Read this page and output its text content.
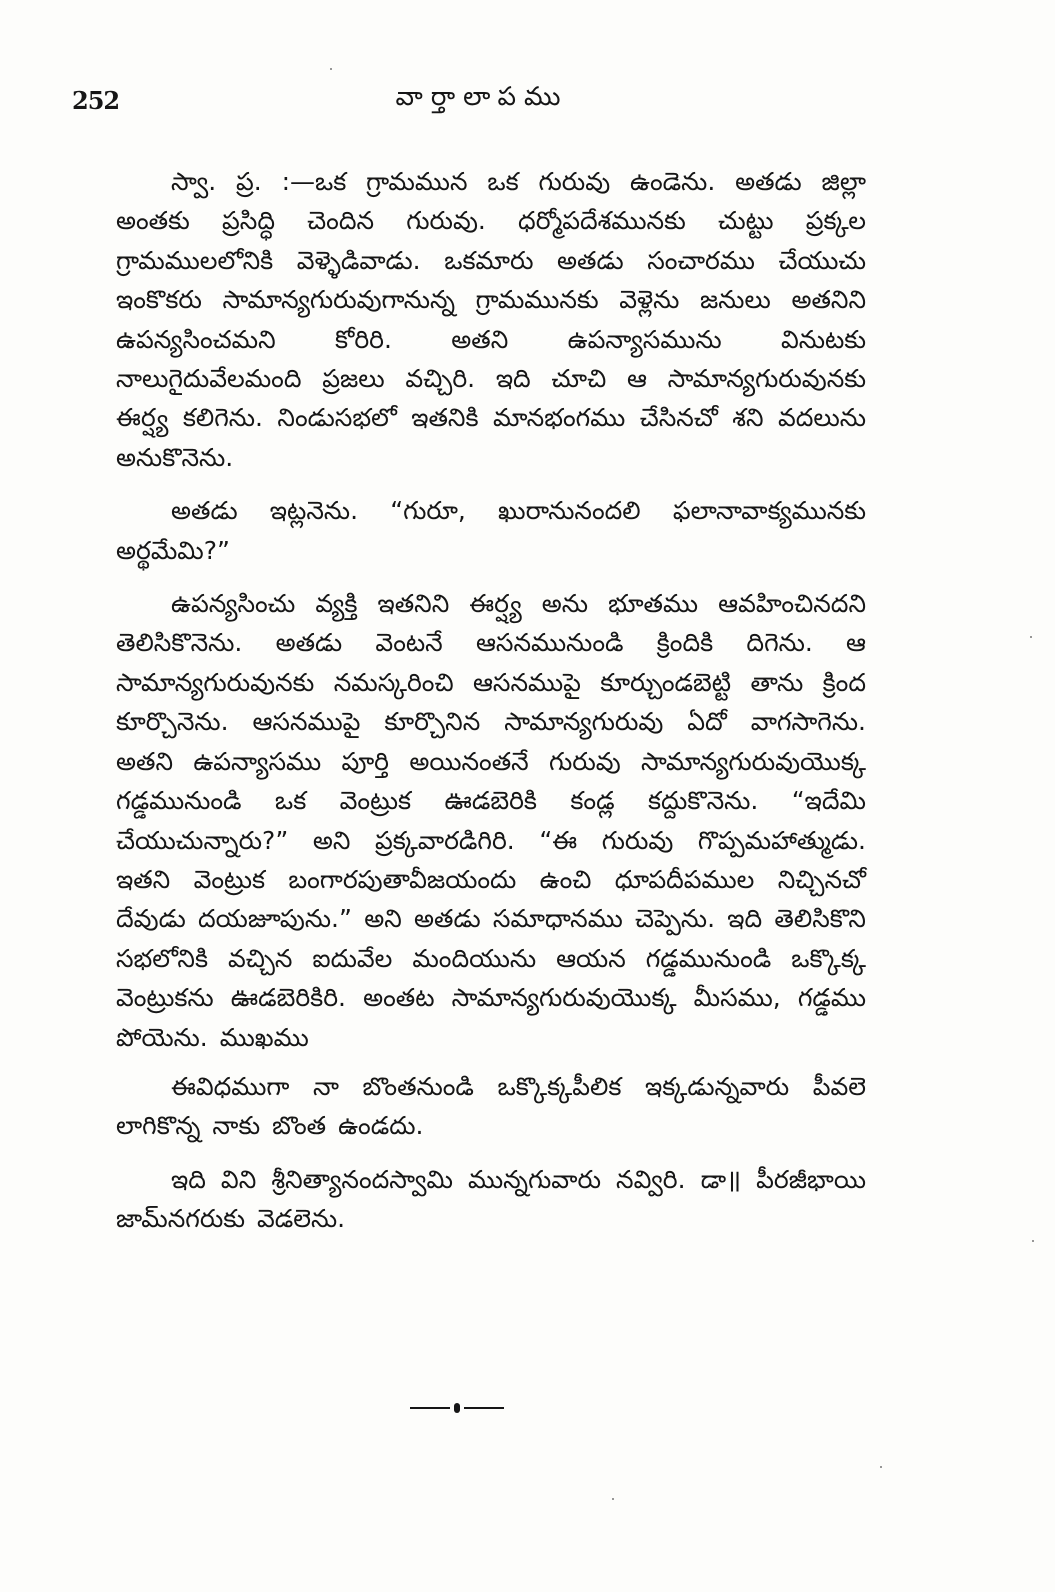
252	వార్తాలాపము

స్వా. ప్ర. :—ఒక గ్రామమున ఒక గురువు ఉండెను. అతడు జిల్లా అంతకు ప్రసిద్ధి చెందిన గురువు. ధర్మోపదేశమునకు చుట్టు ప్రక్కల గ్రామములలోనికి వెళ్ళెడివాడు. ఒకమారు అతడు సంచారము చేయుచు ఇంకొకరు సామాన్యగురువుగానున్న గ్రామమునకు వెళ్లెను జనులు అతనిని ఉపన్యసించమని కోరిరి. అతని ఉపన్యాసమును వినుటకు నాలుగైదువేలమంది ప్రజలు వచ్చిరి. ఇది చూచి ఆ సామాన్యగురువునకు ఈర్ష్య కలిగెను. నిండుసభలో ఇతనికి మానభంగము చేసినచో శని వదలును అనుకొనెను.

అతడు ఇట్లనెను. “గురూ, ఖురానునందలి ఫలానావాక్యమునకు అర్థమేమి?”

ఉపన్యసించు వ్యక్తి ఇతనిని ఈర్ష్య అను భూతము ఆవహించినదని తెలిసికొనెను. అతడు వెంటనే ఆసనమునుండి క్రిందికి దిగెను. ఆ సామాన్యగురువునకు నమస్కరించి ఆసనముపై కూర్చుండబెట్టి తాను క్రింద కూర్చొనెను. ఆసనముపై కూర్చొనిన సామాన్యగురువు ఏదో వాగసాగెను. అతని ఉపన్యాసము పూర్తి అయినంతనే గురువు సామాన్యగురువుయొక్క గడ్డమునుండి ఒక వెంట్రుక ఊడబెరికి కండ్ల కద్దుకొనెను. “ఇదేమి చేయుచున్నారు?” అని ప్రక్కవారడిగిరి. “ఈ గురువు గొప్పమహాత్ముడు. ఇతని వెంట్రుక బంగారపుతావీజయందు ఉంచి ధూపదీపముల నిచ్చినచో దేవుడు దయజూపును.” అని అతడు సమాధానము చెప్పెను. ఇది తెలిసికొని సభలోనికి వచ్చిన ఐదువేల మందియును ఆయన గడ్డమునుండి ఒక్కొక్క వెంట్రుకను ఊడబెరికిరి. అంతట సామాన్యగురువుయొక్క మీసము, గడ్డము పోయెను. ముఖము

ఈవిధముగా నా బొంతనుండి ఒక్కొక్కపీలిక ఇక్కడున్నవారు పీవలె లాగికొన్న నాకు బొంత ఉండదు.

ఇది విని శ్రీనిత్యానందస్వామి మున్నగువారు నవ్విరి. డా॥ పీరజీభాయి జామ్‌నగరుకు వెడలెను.
